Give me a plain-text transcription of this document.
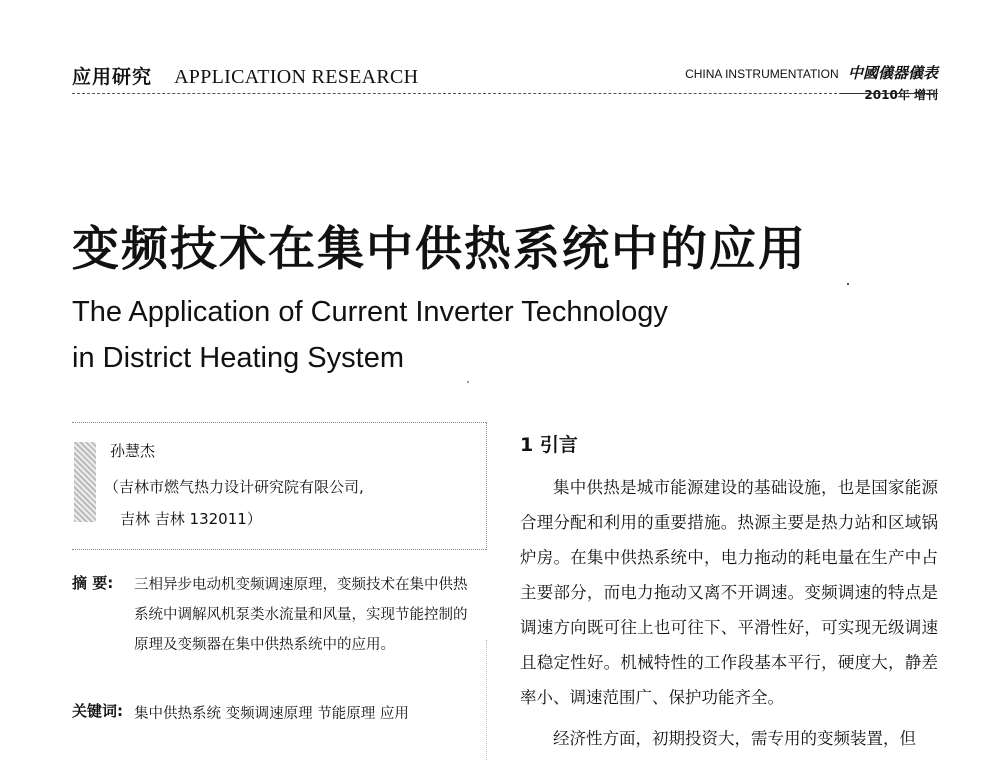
应用研究 APPLICATION RESEARCH	CHINA INSTRUMENTATION 中國儀器儀表
2010年 增刊
变频技术在集中供热系统中的应用
The Application of Current Inverter Technology
in District Heating System
孙慧杰
（吉林市燃气热力设计研究院有限公司,
吉林 吉林 132011）
摘 要: 三相异步电动机变频调速原理，变频技术在集中供热系统中调解风机泵类水流量和风量，实现节能控制的原理及变频器在集中供热系统中的应用。
关键词: 集中供热系统 变频调速原理 节能原理 应用
1 引言

集中供热是城市能源建设的基础设施，也是国家能源合理分配和利用的重要措施。热源主要是热力站和区域锅炉房。在集中供热系统中，电力拖动的耗电量在生产中占主要部分，而电力拖动又离不开调速。变频调速的特点是调速方向既可往上也可往下、平滑性好，可实现无级调速且稳定性好。机械特性的工作段基本平行，硬度大，静差率小、调速范围广、保护功能齐全。

经济性方面，初期投资大，需专用的变频装置，但
